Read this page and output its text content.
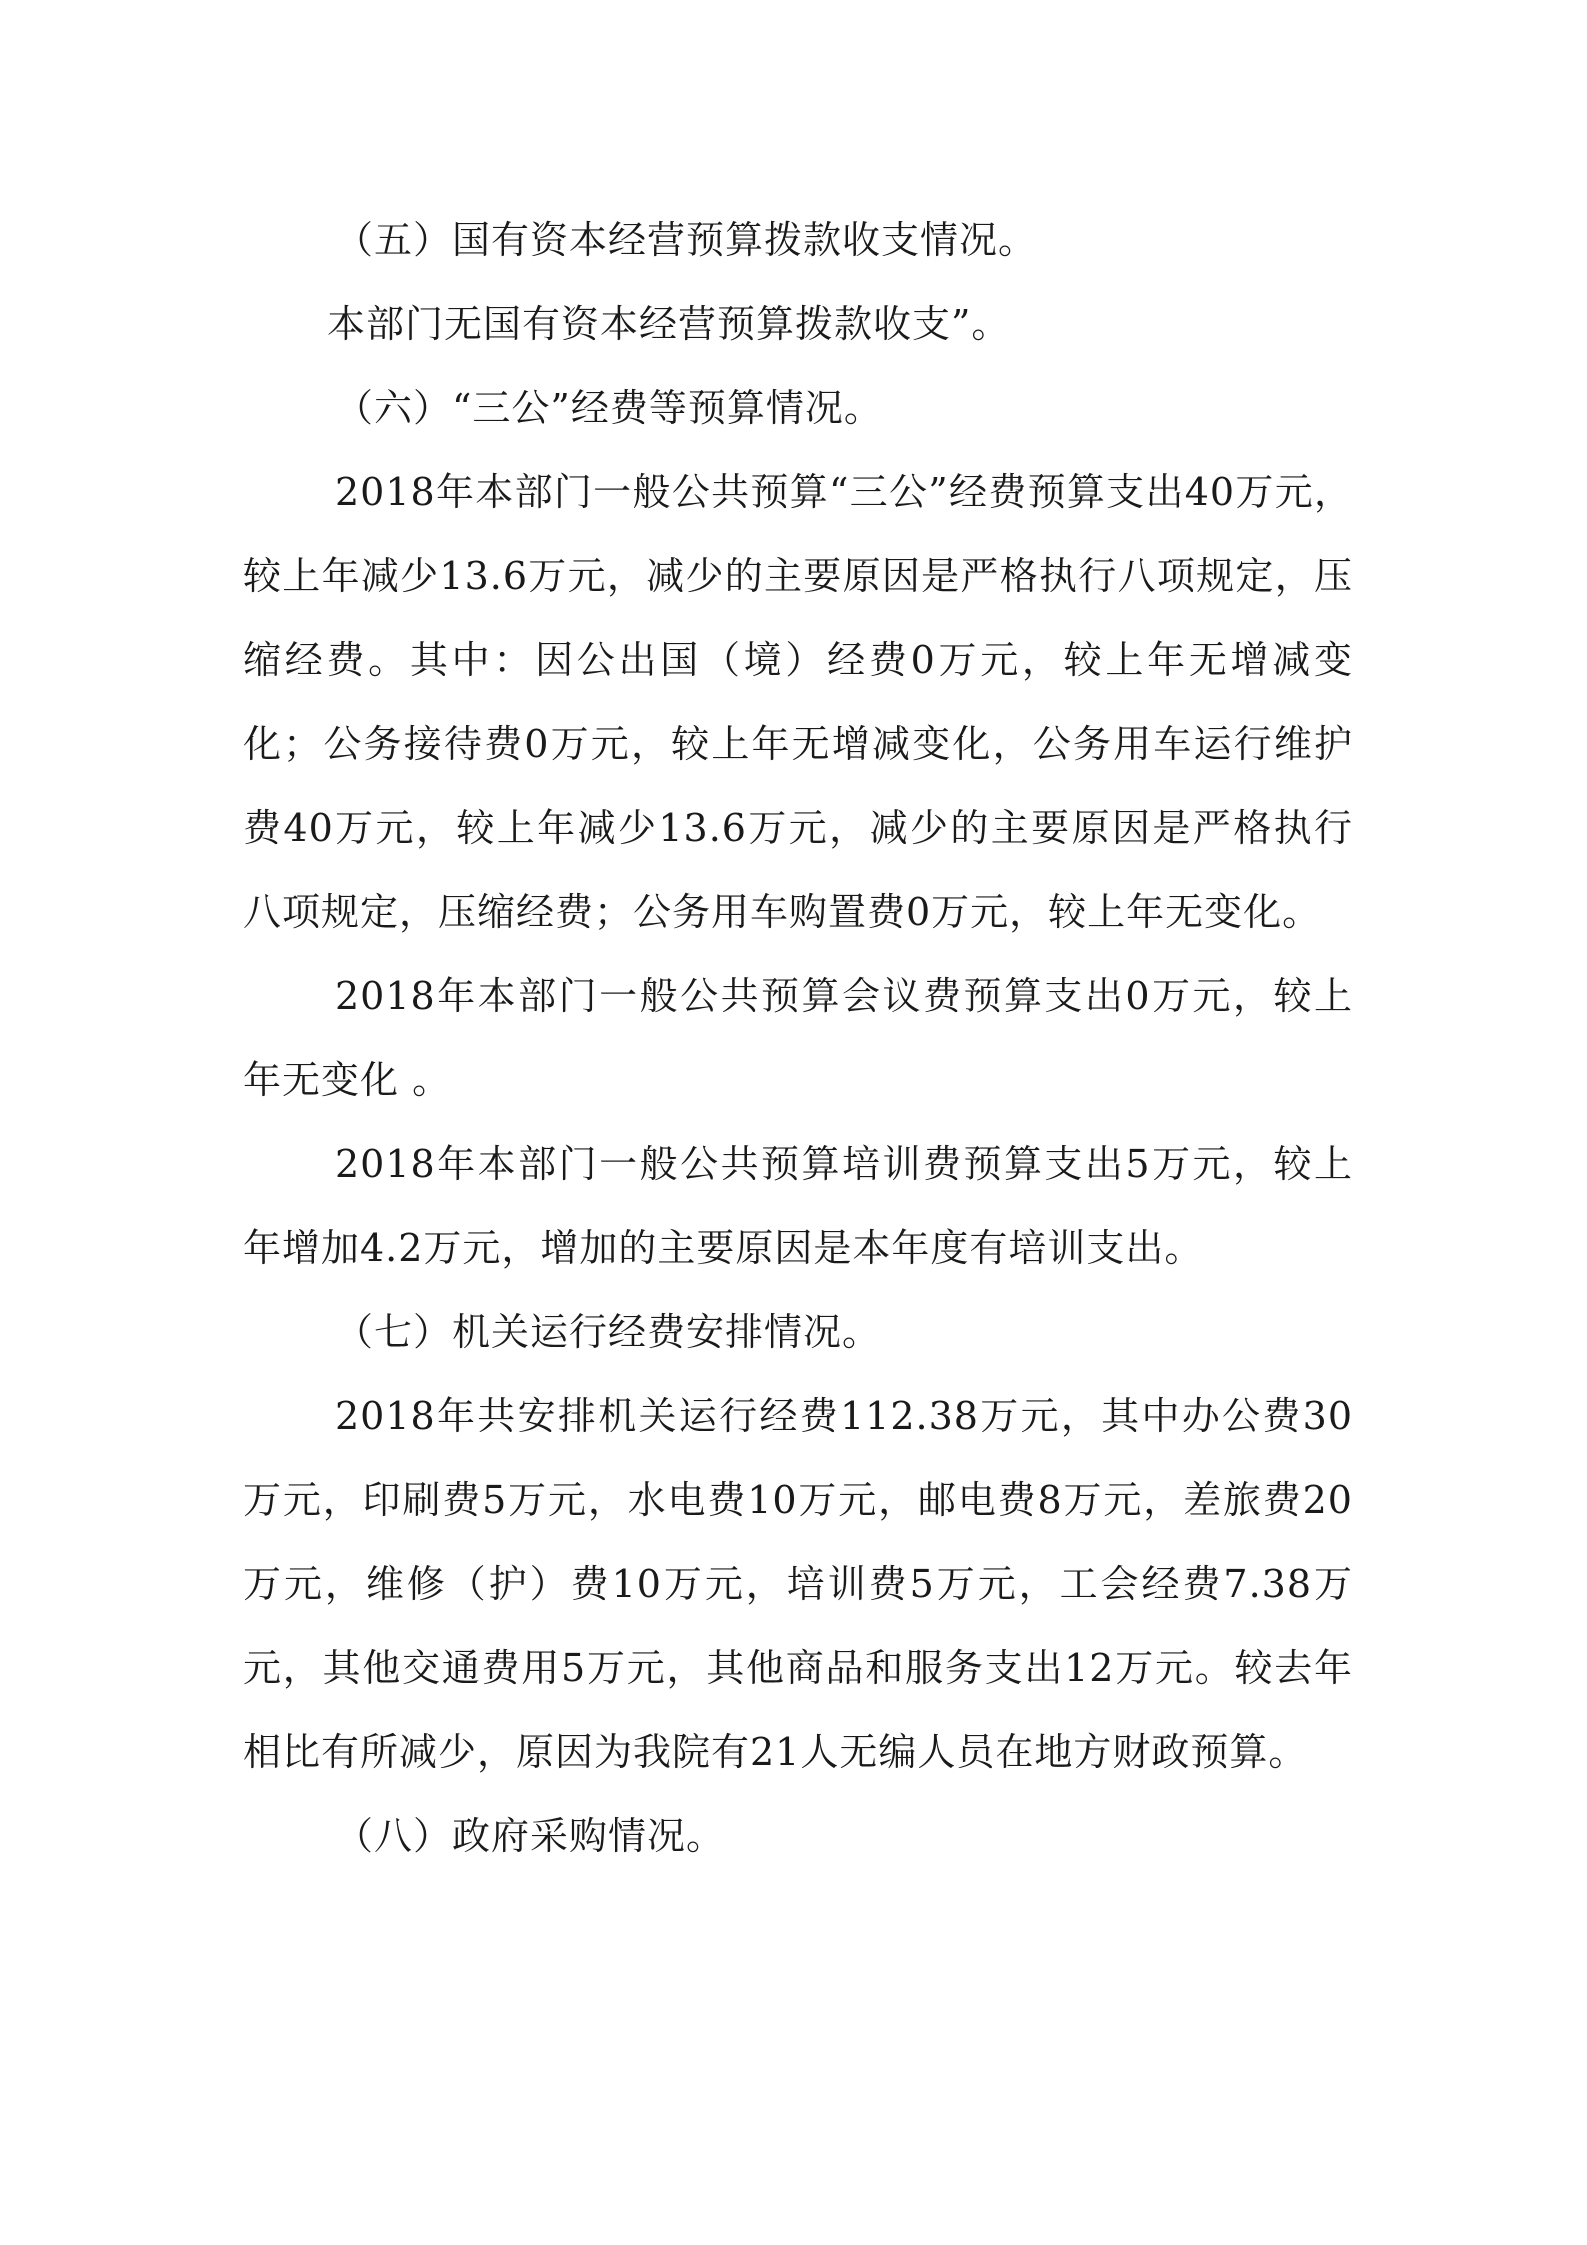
（五）国有资本经营预算拨款收支情况。

本部门无国有资本经营预算拨款收支”。

（六）“三公”经费等预算情况。

2018年本部门一般公共预算“三公”经费预算支出40万元，较上年减少13.6万元，减少的主要原因是严格执行八项规定，压缩经费。其中：因公出国（境）经费0万元，较上年无增减变化；公务接待费0万元，较上年无增减变化，公务用车运行维护费40万元，较上年减少13.6万元，减少的主要原因是严格执行八项规定，压缩经费；公务用车购置费0万元，较上年无变化。

2018年本部门一般公共预算会议费预算支出0万元，较上年无变化 。

2018年本部门一般公共预算培训费预算支出5万元，较上年增加4.2万元，增加的主要原因是本年度有培训支出。

（七）机关运行经费安排情况。

2018年共安排机关运行经费112.38万元，其中办公费30万元，印刷费5万元，水电费10万元，邮电费8万元，差旅费20万元，维修（护）费10万元，培训费5万元，工会经费7.38万元，其他交通费用5万元，其他商品和服务支出12万元。较去年相比有所减少，原因为我院有21人无编人员在地方财政预算。

（八）政府采购情况。
